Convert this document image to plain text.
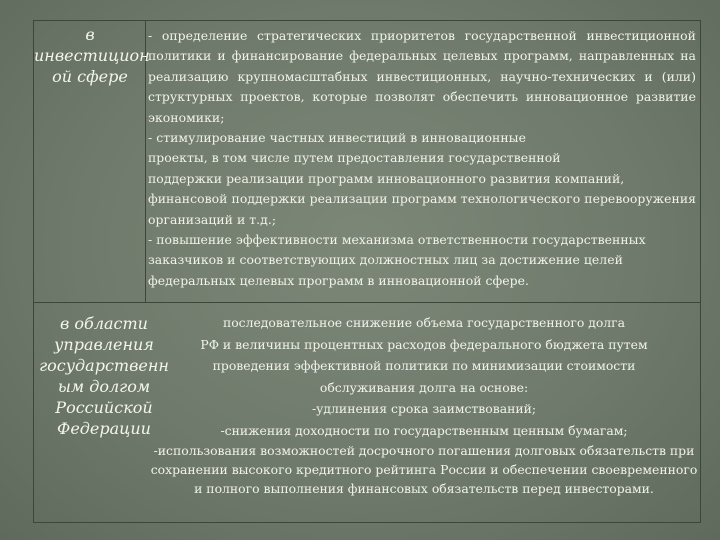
в
инвестицион
ой сфере

- определение стратегических приоритетов государственной инвестиционной

политики и финансирование федеральных целевых программ, направленных на

реализацию крупномасштабных инвестиционных, научно-технических и (или)

структурных проектов, которые позволят обеспечить инновационное развитие

экономики;

- стимулирование частных инвестиций в инновационные

проекты, в том числе путем предоставления государственной

поддержки реализации программ инновационного развития компаний,

финансовой поддержки реализации программ технологического перевооружения

организаций и т.д.;

- повышение эффективности механизма ответственности государственных

заказчиков и соответствующих должностных лиц за достижение целей

федеральных целевых программ в инновационной сфере.

в области
управления
государственн
ым долгом
Российской
Федерации

последовательное снижение объема государственного долга

РФ и величины процентных расходов федерального бюджета путем

проведения эффективной политики по минимизации стоимости

обслуживания долга на основе:

-удлинения срока заимствований;

-снижения доходности по государственным ценным бумагам;

-использования возможностей досрочного погашения долговых обязательств при

сохранении высокого кредитного рейтинга России и обеспечении своевременного

и полного выполнения финансовых обязательств перед инвесторами.
